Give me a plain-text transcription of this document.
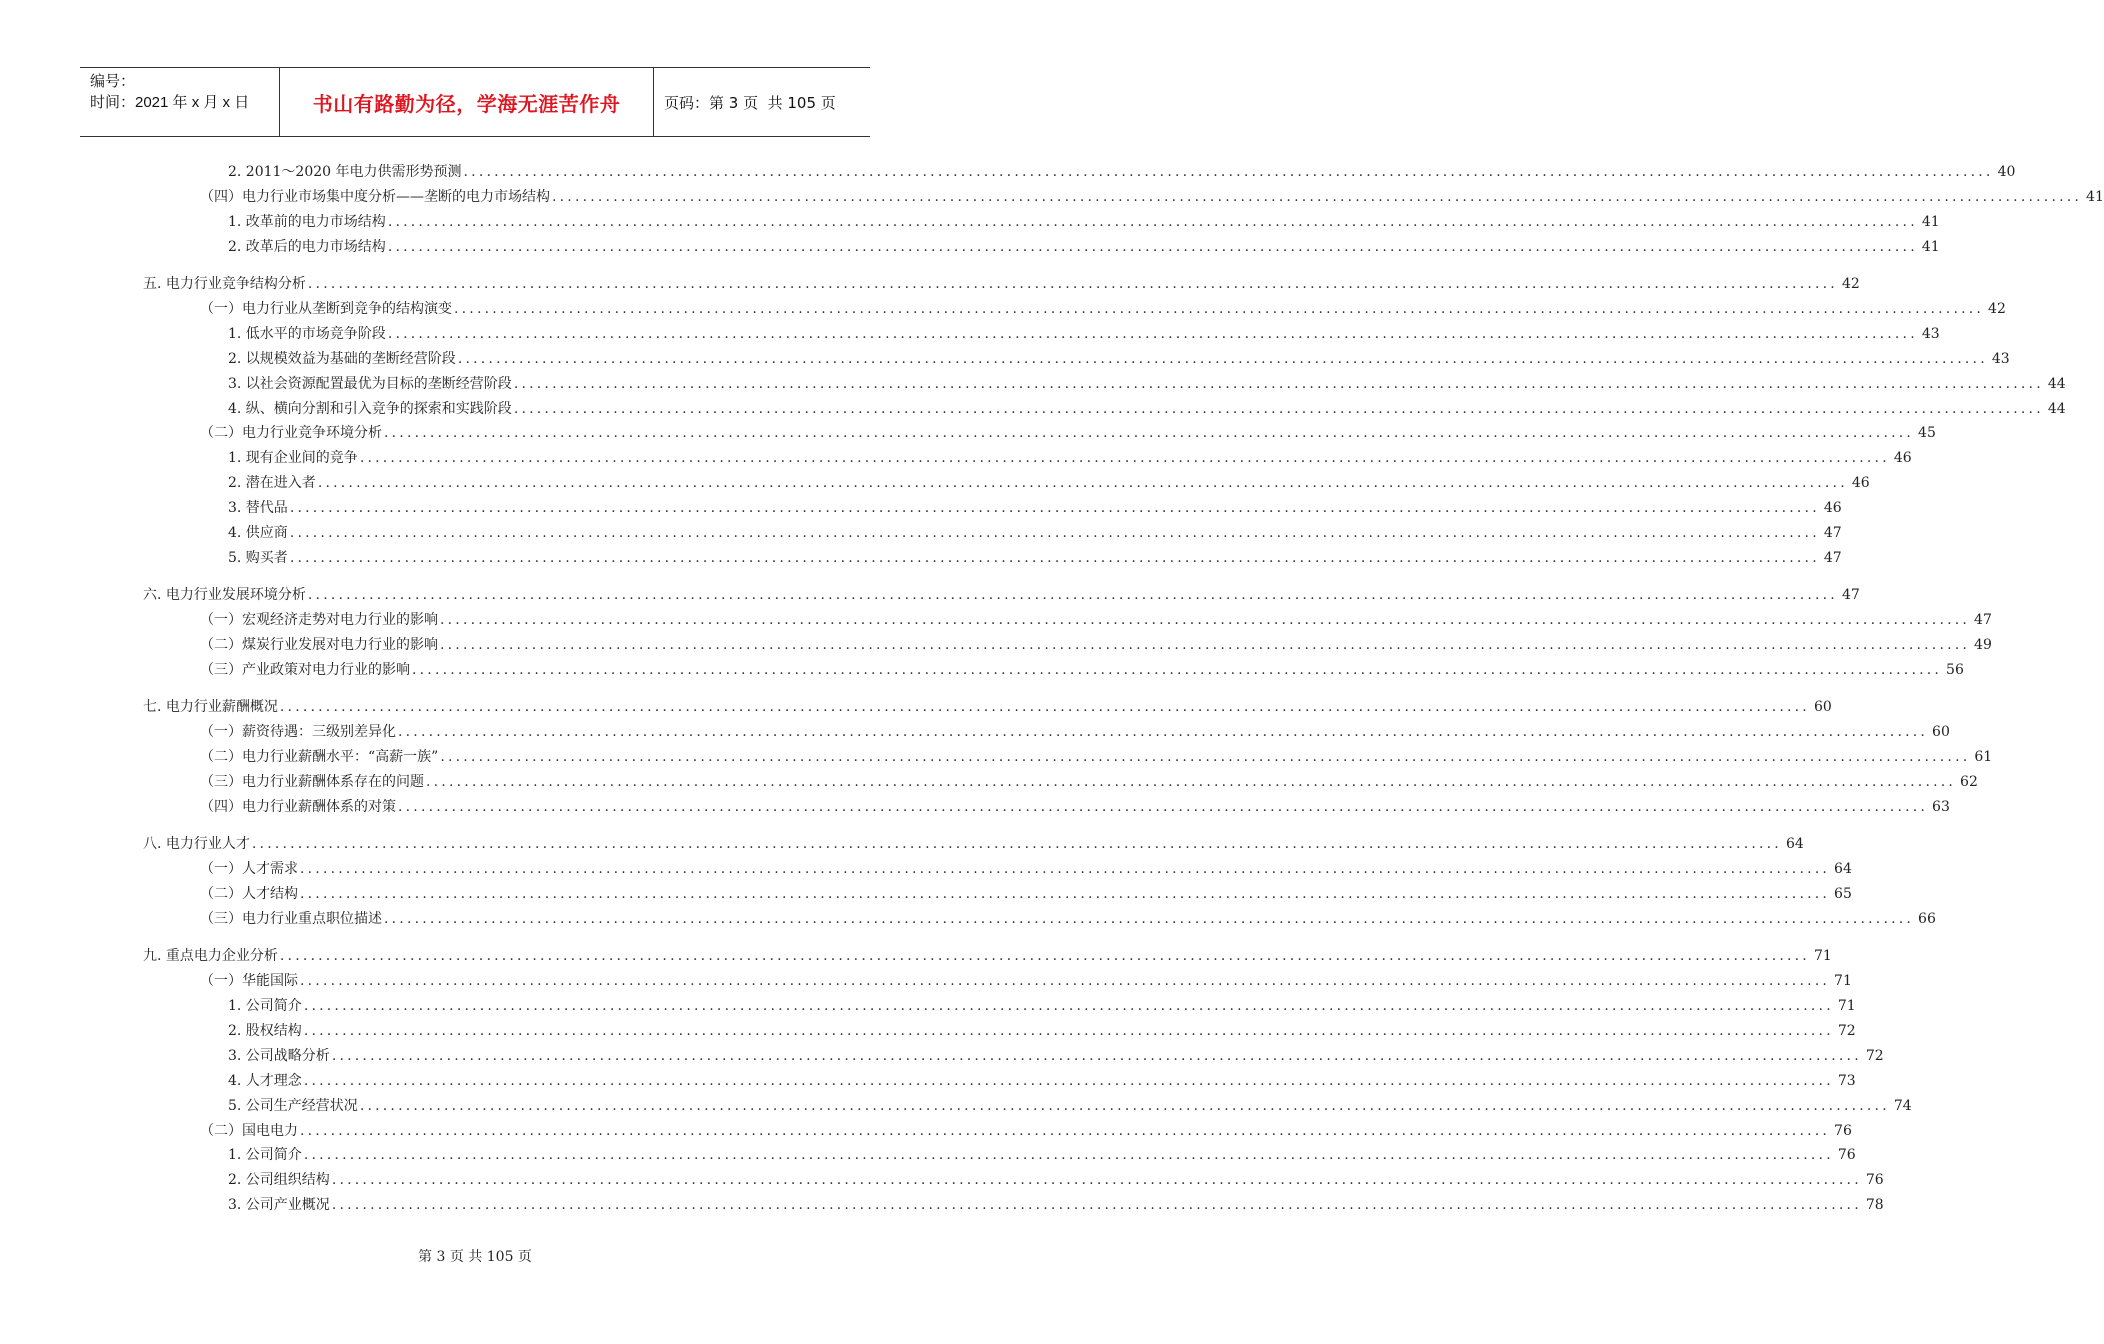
编号：
时间：2021 年 x 月 x 日	书山有路勤为径，学海无涯苦作舟	页码：第 3 页  共 105 页
2. 2011～2020 年电力供需形势预测 ........................................................................................................................................................................................................ 40
（四）电力行业市场集中度分析——垄断的电力市场结构 ........................................................................................................................................................................................................ 41
1. 改革前的电力市场结构 ........................................................................................................................................................................................................ 41
2. 改革后的电力市场结构 ........................................................................................................................................................................................................ 41
五. 电力行业竞争结构分析 ........................................................................................................................................................................................................ 42
（一）电力行业从垄断到竞争的结构演变 ........................................................................................................................................................................................................ 42
1. 低水平的市场竞争阶段 ........................................................................................................................................................................................................ 43
2. 以规模效益为基础的垄断经营阶段 ........................................................................................................................................................................................................ 43
3. 以社会资源配置最优为目标的垄断经营阶段 ........................................................................................................................................................................................................ 44
4. 纵、横向分割和引入竞争的探索和实践阶段 ........................................................................................................................................................................................................ 44
（二）电力行业竞争环境分析 ........................................................................................................................................................................................................ 45
1. 现有企业间的竞争 ........................................................................................................................................................................................................ 46
2. 潜在进入者 ........................................................................................................................................................................................................ 46
3. 替代品 ........................................................................................................................................................................................................ 46
4. 供应商 ........................................................................................................................................................................................................ 47
5. 购买者 ........................................................................................................................................................................................................ 47
六. 电力行业发展环境分析 ........................................................................................................................................................................................................ 47
（一）宏观经济走势对电力行业的影响 ........................................................................................................................................................................................................ 47
（二）煤炭行业发展对电力行业的影响 ........................................................................................................................................................................................................ 49
（三）产业政策对电力行业的影响 ........................................................................................................................................................................................................ 56
七. 电力行业薪酬概况 ........................................................................................................................................................................................................ 60
（一）薪资待遇：三级别差异化 ........................................................................................................................................................................................................ 60
（二）电力行业薪酬水平：“高薪一族” ........................................................................................................................................................................................................ 61
（三）电力行业薪酬体系存在的问题 ........................................................................................................................................................................................................ 62
（四）电力行业薪酬体系的对策 ........................................................................................................................................................................................................ 63
八. 电力行业人才 ........................................................................................................................................................................................................ 64
（一）人才需求 ........................................................................................................................................................................................................ 64
（二）人才结构 ........................................................................................................................................................................................................ 65
（三）电力行业重点职位描述 ........................................................................................................................................................................................................ 66
九. 重点电力企业分析 ........................................................................................................................................................................................................ 71
（一）华能国际 ........................................................................................................................................................................................................ 71
1. 公司简介 ........................................................................................................................................................................................................ 71
2. 股权结构 ........................................................................................................................................................................................................ 72
3. 公司战略分析 ........................................................................................................................................................................................................ 72
4. 人才理念 ........................................................................................................................................................................................................ 73
5. 公司生产经营状况 ........................................................................................................................................................................................................ 74
（二）国电电力 ........................................................................................................................................................................................................ 76
1. 公司简介 ........................................................................................................................................................................................................ 76
2. 公司组织结构 ........................................................................................................................................................................................................ 76
3. 公司产业概况 ........................................................................................................................................................................................................ 78
第 3 页 共 105 页
